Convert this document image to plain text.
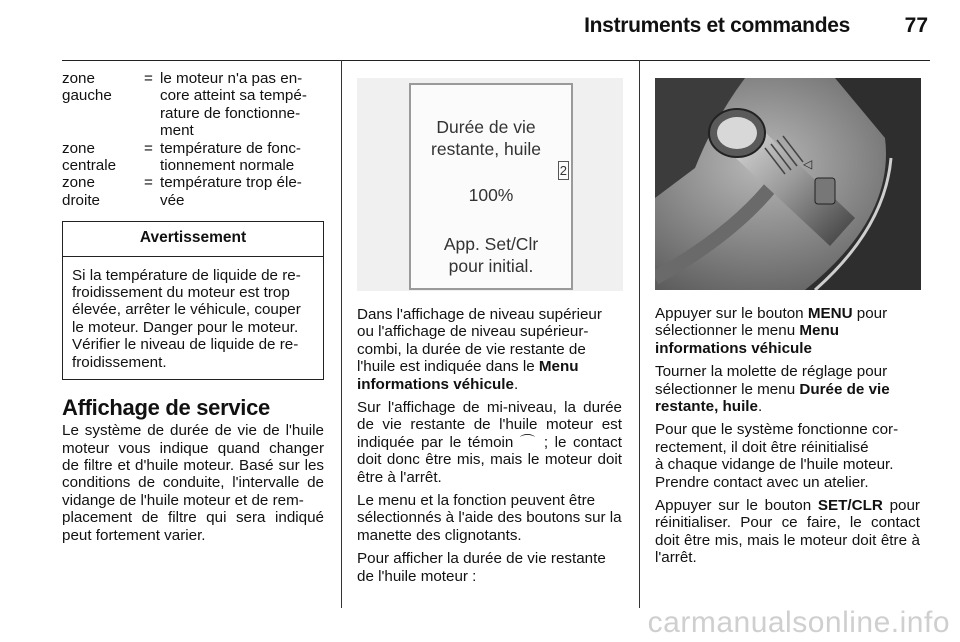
Instruments et commandes	77
zone
gauche
= le moteur n'a pas en-
core atteint sa tempé-
rature de fonctionne-
ment
zone
centrale
= température de fonc-
tionnement normale
zone
droite
= température trop éle-
vée
Avertissement
Si la température de liquide de re-
froidissement du moteur est trop
élevée, arrêter le véhicule, couper
le moteur. Danger pour le moteur.
Vérifier le niveau de liquide de re-
froidissement.
Affichage de service
Le système de durée de vie de l'huile moteur vous indique quand changer de filtre et d'huile moteur. Basé sur les conditions de conduite, l'intervalle de vidange de l'huile moteur et de rem-
placement de filtre qui sera indiqué peut fortement varier.
Durée de vie
restante, huile
2
100%
App. Set/Clr
pour initial.
Dans l'affichage de niveau supérieur ou l'affichage de niveau supérieur-
combi, la durée de vie restante de l'huile est indiquée dans le Menu
informations véhicule.
Sur l'affichage de mi-niveau, la durée de vie restante de l'huile moteur est indiquée par le témoin ⌒ ; le contact doit donc être mis, mais le moteur doit être à l'arrêt.
Le menu et la fonction peuvent être sélectionnés à l'aide des boutons sur la manette des clignotants.
Pour afficher la durée de vie restante de l'huile moteur :
◁
Appuyer sur le bouton MENU pour
sélectionner le menu Menu
informations véhicule
Tourner la molette de réglage pour
sélectionner le menu Durée de vie
restante, huile.
Pour que le système fonctionne cor-
rectement, il doit être réinitialisé
à chaque vidange de l'huile moteur.
Prendre contact avec un atelier.
Appuyer sur le bouton SET/CLR pour réinitialiser. Pour ce faire, le contact doit être mis, mais le moteur doit être à l'arrêt.
carmanualsonline.info
